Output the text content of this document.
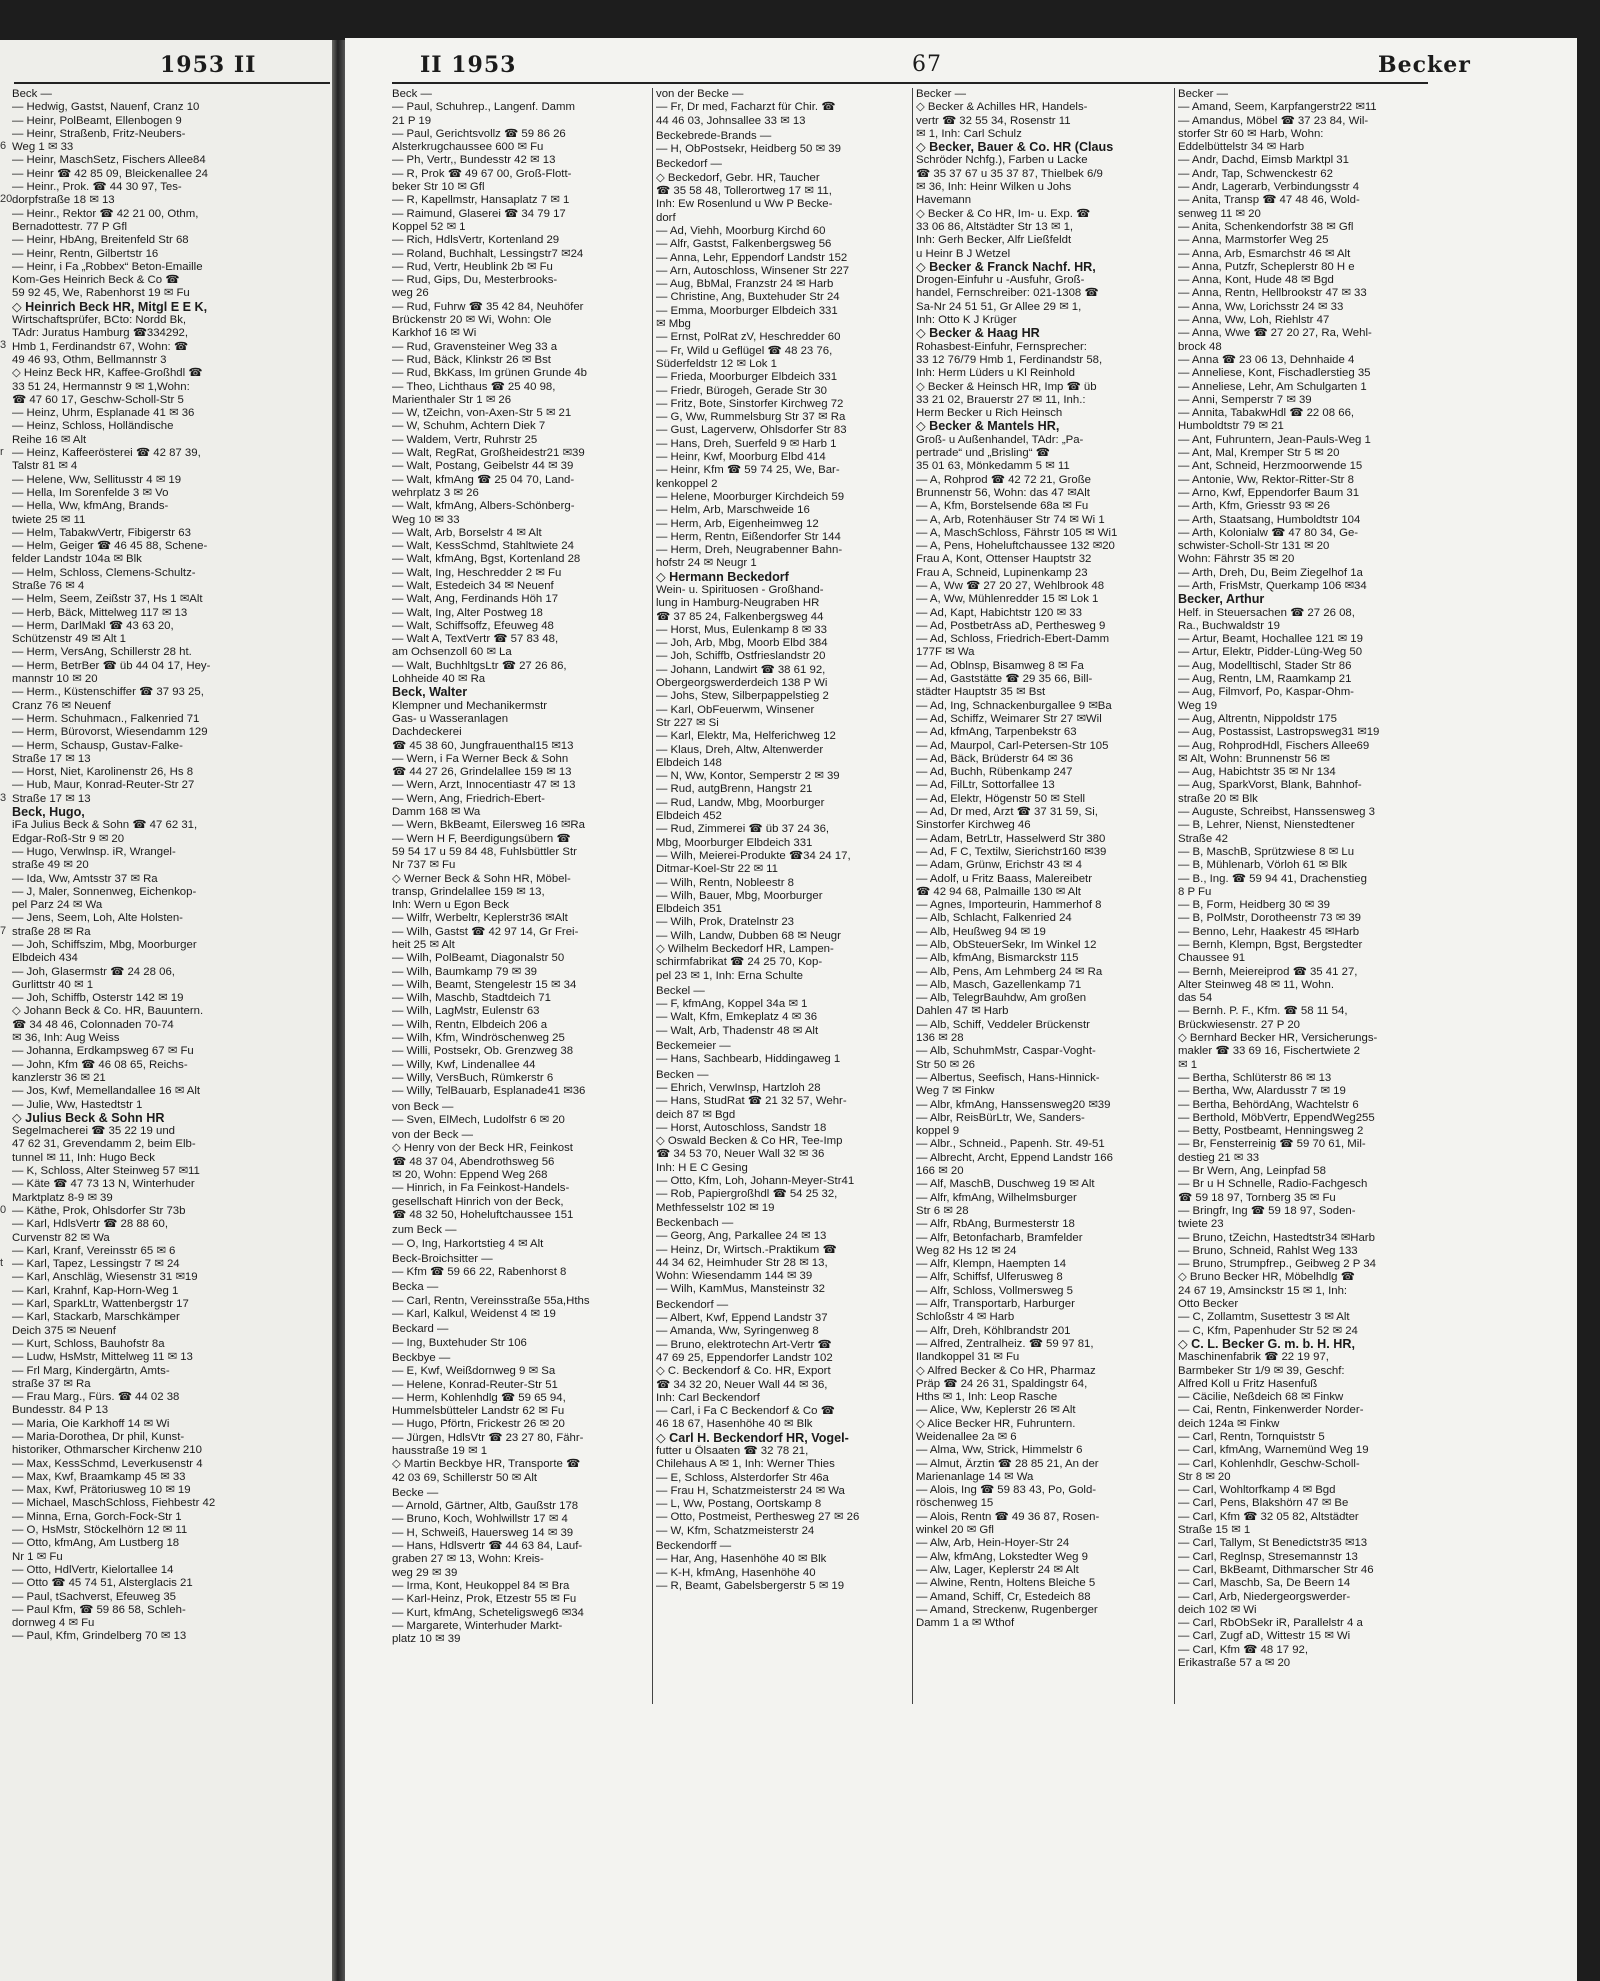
1953 II	II 1953	67	Becker
6

20

3

r

3

7

0

t

Beck —
— Hedwig, Gastst, Nauenf, Cranz 10
— Heinr, PolBeamt, Ellenbogen 9
— Heinr, Straßenb, Fritz-Neubers-
Weg 1 ✉ 33
— Heinr, MaschSetz, Fischers Allee84
— Heinr ☎ 42 85 09, Bleickenallee 24
— Heinr., Prok. ☎ 44 30 97, Tes-
dorpfstraße 18 ✉ 13
— Heinr., Rektor ☎ 42 21 00, Othm,
Bernadottestr. 77 P Gfl
— Heinr, HbAng, Breitenfeld Str 68
— Heinr, Rentn, Gilbertstr 16
— Heinr, i Fa „Robbex“ Beton-Emaille
Kom-Ges Heinrich Beck & Co ☎
59 92 45, We, Rabenhorst 19 ✉ Fu
◇ Heinrich Beck HR, Mitgl E E K,
Wirtschaftsprüfer, BCto: Nordd Bk,
TAdr: Juratus Hamburg ☎334292,
Hmb 1, Ferdinandstr 67, Wohn: ☎
49 46 93, Othm, Bellmannstr 3
◇ Heinz Beck HR, Kaffee-Großhdl ☎
33 51 24, Hermannstr 9 ✉ 1,Wohn:
☎ 47 60 17, Geschw-Scholl-Str 5
— Heinz, Uhrm, Esplanade 41 ✉ 36
— Heinz, Schloss, Holländische
Reihe 16 ✉ Alt
— Heinz, Kaffeerösterei ☎ 42 87 39,
Talstr 81 ✉ 4
— Helene, Ww, Sellitusstr 4 ✉ 19
— Hella, Im Sorenfelde 3 ✉ Vo
— Hella, Ww, kfmAng, Brands-
twiete 25 ✉ 11
— Helm, TabakwVertr, Fibigerstr 63
— Helm, Geiger ☎ 46 45 88, Schene-
felder Landstr 104a ✉ Blk
— Helm, Schloss, Clemens-Schultz-
Straße 76 ✉ 4
— Helm, Seem, Zeißstr 37, Hs 1 ✉Alt
— Herb, Bäck, Mittelweg 117 ✉ 13
— Herm, DarlMakl ☎ 43 63 20,
Schützenstr 49 ✉ Alt 1
— Herm, VersAng, Schillerstr 28 ht.
— Herm, BetrBer ☎ üb 44 04 17, Hey-
mannstr 10 ✉ 20
— Herm., Küstenschiffer ☎ 37 93 25,
Cranz 76 ✉ Neuenf
— Herm. Schuhmacn., Falkenried 71
— Herm, Bürovorst, Wiesendamm 129
— Herm, Schausp, Gustav-Falke-
Straße 17 ✉ 13
— Horst, Niet, Karolinenstr 26, Hs 8
— Hub, Maur, Konrad-Reuter-Str 27
Straße 17 ✉ 13
Beck, Hugo,
iFa Julius Beck & Sohn ☎ 47 62 31,
Edgar-Roß-Str 9 ✉ 20
— Hugo, Verwlnsp. iR, Wrangel-
straße 49 ✉ 20
— Ida, Ww, Amtsstr 37 ✉ Ra
— J, Maler, Sonnenweg, Eichenkop-
pel Parz 24 ✉ Wa
— Jens, Seem, Loh, Alte Holsten-
straße 28 ✉ Ra
— Joh, Schiffszim, Mbg, Moorburger
Elbdeich 434
— Joh, Glasermstr ☎ 24 28 06,
Gurlittstr 40 ✉ 1
— Joh, Schiffb, Osterstr 142 ✉ 19
◇ Johann Beck & Co. HR, Bauuntern.
☎ 34 48 46, Colonnaden 70-74
✉ 36, Inh: Aug Weiss
— Johanna, Erdkampsweg 67 ✉ Fu
— John, Kfm ☎ 46 08 65, Reichs-
kanzlerstr 36 ✉ 21
— Jos, Kwf, Memellandallee 16 ✉ Alt
— Julie, Ww, Hastedtstr 1
◇ Julius Beck & Sohn HR
Segelmacherei ☎ 35 22 19 und
47 62 31, Grevendamm 2, beim Elb-
tunnel ✉ 11, Inh: Hugo Beck
— K, Schloss, Alter Steinweg 57 ✉11
— Käte ☎ 47 73 13 N, Winterhuder
Marktplatz 8-9 ✉ 39
— Käthe, Prok, Ohlsdorfer Str 73b
— Karl, HdlsVertr ☎ 28 88 60,
Curvenstr 82 ✉ Wa
— Karl, Kranf, Vereinsstr 65 ✉ 6
— Karl, Tapez, Lessingstr 7 ✉ 24
— Karl, Anschläg, Wiesenstr 31 ✉19
— Karl, Krahnf, Kap-Horn-Weg 1
— Karl, SparkLtr, Wattenbergstr 17
— Karl, Stackarb, Marschkämper
Deich 375 ✉ Neuenf
— Kurt, Schloss, Bauhofstr 8a
— Ludw, HsMstr, Mittelweg 11 ✉ 13
— Frl Marg, Kindergärtn, Amts-
straße 37 ✉ Ra
— Frau Marg., Fürs. ☎ 44 02 38
Bundesstr. 84 P 13
— Maria, Oie Karkhoff 14 ✉ Wi
— Maria-Dorothea, Dr phil, Kunst-
historiker, Othmarscher Kirchenw 210
— Max, KessSchmd, Leverkusenstr 4
— Max, Kwf, Braamkamp 45 ✉ 33
— Max, Kwf, Prätoriusweg 10 ✉ 19
— Michael, MaschSchloss, Fiehbestr 42
— Minna, Erna, Gorch-Fock-Str 1
— O, HsMstr, Stöckelhörn 12 ✉ 11
— Otto, kfmAng, Am Lustberg 18
Nr 1 ✉ Fu
— Otto, HdlVertr, Kielortallee 14
— Otto ☎ 45 74 51, Alsterglacis 21
— Paul, tSachverst, Efeuweg 35
— Paul Kfm, ☎ 59 86 58, Schleh-
dornweg 4 ✉ Fu
— Paul, Kfm, Grindelberg 70 ✉ 13
Beck —
— Paul, Schuhrep., Langenf. Damm
21 P 19
— Paul, Gerichtsvollz ☎ 59 86 26
Alsterkrugchaussee 600 ✉ Fu
— Ph, Vertr,, Bundesstr 42 ✉ 13
— R, Prok ☎ 49 67 00, Groß-Flott-
beker Str 10 ✉ Gfl
— R, Kapellmstr, Hansaplatz 7 ✉ 1
— Raimund, Glaserei ☎ 34 79 17
Koppel 52 ✉ 1
— Rich, HdlsVertr, Kortenland 29
— Roland, Buchhalt, Lessingstr7 ✉24
— Rud, Vertr, Heublink 2b ✉ Fu
— Rud, Gips, Du, Mesterbrooks-
weg 26
— Rud, Fuhrw ☎ 35 42 84, Neuhöfer
Brückenstr 20 ✉ Wi, Wohn: Ole
Karkhof 16 ✉ Wi
— Rud, Gravensteiner Weg 33 a
— Rud, Bäck, Klinkstr 26 ✉ Bst
— Rud, BkKass, Im grünen Grunde 4b
— Theo, Lichthaus ☎ 25 40 98,
Marienthaler Str 1 ✉ 26
— W, tZeichn, von-Axen-Str 5 ✉ 21
— W, Schuhm, Achtern Diek 7
— Waldem, Vertr, Ruhrstr 25
— Walt, RegRat, Großheidestr21 ✉39
— Walt, Postang, Geibelstr 44 ✉ 39
— Walt, kfmAng ☎ 25 04 70, Land-
wehrplatz 3 ✉ 26
— Walt, kfmAng, Albers-Schönberg-
Weg 10 ✉ 33
— Walt, Arb, Borselstr 4 ✉ Alt
— Walt, KessSchmd, Stahltwiete 24
— Walt, kfmAng, Bgst, Kortenland 28
— Walt, Ing, Heschredder 2 ✉ Fu
— Walt, Estedeich 34 ✉ Neuenf
— Walt, Ang, Ferdinands Höh 17
— Walt, Ing, Alter Postweg 18
— Walt, Schiffsoffz, Efeuweg 48
— Walt A, TextVertr ☎ 57 83 48,
am Ochsenzoll 60 ✉ La
— Walt, BuchhltgsLtr ☎ 27 26 86,
Lohheide 40 ✉ Ra
Beck, Walter
Klempner und Mechanikermstr
Gas- u Wasseranlagen
Dachdeckerei
☎ 45 38 60, Jungfrauenthal15 ✉13
— Wern, i Fa Werner Beck & Sohn
☎ 44 27 26, Grindelallee 159 ✉ 13
— Wern, Arzt, Innocentiastr 47 ✉ 13
— Wern, Ang, Friedrich-Ebert-
Damm 168 ✉ Wa
— Wern, BkBeamt, Eilersweg 16 ✉Ra
— Wern H F, Beerdigungsübern ☎
59 54 17 u 59 84 48, Fuhlsbüttler Str
Nr 737 ✉ Fu
◇ Werner Beck & Sohn HR, Möbel-
transp, Grindelallee 159 ✉ 13,
Inh: Wern u Egon Beck
— Wilfr, Werbeltr, Keplerstr36 ✉Alt
— Wilh, Gastst ☎ 42 97 14, Gr Frei-
heit 25 ✉ Alt
— Wilh, PolBeamt, Diagonalstr 50
— Wilh, Baumkamp 79 ✉ 39
— Wilh, Beamt, Stengelestr 15 ✉ 34
— Wilh, Maschb, Stadtdeich 71
— Wilh, LagMstr, Eulenstr 63
— Wilh, Rentn, Elbdeich 206 a
— Wilh, Kfm, Windröschenweg 25
— Willi, Postsekr, Ob. Grenzweg 38
— Willy, Kwf, Lindenallee 44
— Willy, VersBuch, Rümkerstr 6
— Willy, TelBauarb, Esplanade41 ✉36
von Beck —
— Sven, ElMech, Ludolfstr 6 ✉ 20
von der Beck —
◇ Henry von der Beck HR, Feinkost
☎ 48 37 04, Abendrothsweg 56
✉ 20, Wohn: Eppend Weg 268
— Hinrich, in Fa Feinkost-Handels-
gesellschaft Hinrich von der Beck,
☎ 48 32 50, Hoheluftchaussee 151
zum Beck —
— O, Ing, Harkortstieg 4 ✉ Alt
Beck-Broichsitter —
— Kfm ☎ 59 66 22, Rabenhorst 8
Becka —
— Carl, Rentn, Vereinsstraße 55a,Hths
— Karl, Kalkul, Weidenst 4 ✉ 19
Beckard —
— Ing, Buxtehuder Str 106
Beckbye —
— E, Kwf, Weißdornweg 9 ✉ Sa
— Helene, Konrad-Reuter-Str 51
— Herm, Kohlenhdlg ☎ 59 65 94,
Hummelsbütteler Landstr 62 ✉ Fu
— Hugo, Pförtn, Frickestr 26 ✉ 20
— Jürgen, HdlsVtr ☎ 23 27 80, Fähr-
hausstraße 19 ✉ 1
◇ Martin Beckbye HR, Transporte ☎
42 03 69, Schillerstr 50 ✉ Alt
Becke —
— Arnold, Gärtner, Altb, Gaußstr 178
— Bruno, Koch, Wohlwillstr 17 ✉ 4
— H, Schweiß, Hauersweg 14 ✉ 39
— Hans, Hdlsvertr ☎ 44 63 84, Lauf-
graben 27 ✉ 13, Wohn: Kreis-
weg 29 ✉ 39
— Irma, Kont, Heukoppel 84 ✉ Bra
— Karl-Heinz, Prok, Etzestr 55 ✉ Fu
— Kurt, kfmAng, Scheteligsweg6 ✉34
— Margarete, Winterhuder Markt-
platz 10 ✉ 39
von der Becke —
— Fr, Dr med, Facharzt für Chir. ☎
44 46 03, Johnsallee 33 ✉ 13
Beckebrede-Brands —
— H, ObPostsekr, Heidberg 50 ✉ 39
Beckedorf —
◇ Beckedorf, Gebr. HR, Taucher
☎ 35 58 48, Tollerortweg 17 ✉ 11,
Inh: Ew Rosenlund u Ww P Becke-
dorf
— Ad, Viehh, Moorburg Kirchd 60
— Alfr, Gastst, Falkenbergsweg 56
— Anna, Lehr, Eppendorf Landstr 152
— Arn, Autoschloss, Winsener Str 227
— Aug, BbMal, Franzstr 24 ✉ Harb
— Christine, Ang, Buxtehuder Str 24
— Emma, Moorburger Elbdeich 331
✉ Mbg
— Ernst, PolRat zV, Heschredder 60
— Fr, Wild u Geflügel ☎ 48 23 76,
Süderfeldstr 12 ✉ Lok 1
— Frieda, Moorburger Elbdeich 331
— Friedr, Bürogeh, Gerade Str 30
— Fritz, Bote, Sinstorfer Kirchweg 72
— G, Ww, Rummelsburg Str 37 ✉ Ra
— Gust, Lagerverw, Ohlsdorfer Str 83
— Hans, Dreh, Suerfeld 9 ✉ Harb 1
— Heinr, Kwf, Moorburg Elbd 414
— Heinr, Kfm ☎ 59 74 25, We, Bar-
kenkoppel 2
— Helene, Moorburger Kirchdeich 59
— Helm, Arb, Marschweide 16
— Herm, Arb, Eigenheimweg 12
— Herm, Rentn, Eißendorfer Str 144
— Herm, Dreh, Neugrabenner Bahn-
hofstr 24 ✉ Neugr 1
◇ Hermann Beckedorf
Wein- u. Spirituosen - Großhand-
lung in Hamburg-Neugraben HR
☎ 37 85 24, Falkenbergsweg 44
— Horst, Mus, Eulenkamp 8 ✉ 33
— Joh, Arb, Mbg, Moorb Elbd 384
— Joh, Schiffb, Ostfrieslandstr 20
— Johann, Landwirt ☎ 38 61 92,
Obergeorgswerderdeich 138 P Wi
— Johs, Stew, Silberpappelstieg 2
— Karl, ObFeuerwm, Winsener
Str 227 ✉ Si
— Karl, Elektr, Ma, Helferichweg 12
— Klaus, Dreh, Altw, Altenwerder
Elbdeich 148
— N, Ww, Kontor, Semperstr 2 ✉ 39
— Rud, autgBrenn, Hangstr 21
— Rud, Landw, Mbg, Moorburger
Elbdeich 452
— Rud, Zimmerei ☎ üb 37 24 36,
Mbg, Moorburger Elbdeich 331
— Wilh, Meierei-Produkte ☎34 24 17,
Ditmar-Koel-Str 22 ✉ 11
— Wilh, Rentn, Nobleestr 8
— Wilh, Bauer, Mbg, Moorburger
Elbdeich 351
— Wilh, Prok, Dratelnstr 23
— Wilh, Landw, Dubben 68 ✉ Neugr
◇ Wilhelm Beckedorf HR, Lampen-
schirmfabrikat ☎ 24 25 70, Kop-
pel 23 ✉ 1, Inh: Erna Schulte
Beckel —
— F, kfmAng, Koppel 34a ✉ 1
— Walt, Kfm, Emkeplatz 4 ✉ 36
— Walt, Arb, Thadenstr 48 ✉ Alt
Beckemeier —
— Hans, Sachbearb, Hiddingaweg 1
Becken —
— Ehrich, VerwInsp, Hartzloh 28
— Hans, StudRat ☎ 21 32 57, Wehr-
deich 87 ✉ Bgd
— Horst, Autoschloss, Sandstr 18
◇ Oswald Becken & Co HR, Tee-Imp
☎ 34 53 70, Neuer Wall 32 ✉ 36
Inh: H E C Gesing
— Otto, Kfm, Loh, Johann-Meyer-Str41
— Rob, Papiergroßhdl ☎ 54 25 32,
Methfesselstr 102 ✉ 19
Beckenbach —
— Georg, Ang, Parkallee 24 ✉ 13
— Heinz, Dr, Wirtsch.-Praktikum ☎
44 34 62, Heimhuder Str 28 ✉ 13,
Wohn: Wiesendamm 144 ✉ 39
— Wilh, KamMus, Mansteinstr 32
Beckendorf —
— Albert, Kwf, Eppend Landstr 37
— Amanda, Ww, Syringenweg 8
— Bruno, elektrotechn Art-Vertr ☎
47 69 25, Eppendorfer Landstr 102
◇ C. Beckendorf & Co. HR, Export
☎ 34 32 20, Neuer Wall 44 ✉ 36,
Inh: Carl Beckendorf
— Carl, i Fa C Beckendorf & Co ☎
46 18 67, Hasenhöhe 40 ✉ Blk
◇ Carl H. Beckendorf HR, Vogel-
futter u Ölsaaten ☎ 32 78 21,
Chilehaus A ✉ 1, Inh: Werner Thies
— E, Schloss, Alsterdorfer Str 46a
— Frau H, Schatzmeisterstr 24 ✉ Wa
— L, Ww, Postang, Oortskamp 8
— Otto, Postmeist, Perthesweg 27 ✉ 26
— W, Kfm, Schatzmeisterstr 24
Beckendorff —
— Har, Ang, Hasenhöhe 40 ✉ Blk
— K-H, kfmAng, Hasenhöhe 40
— R, Beamt, Gabelsbergerstr 5 ✉ 19
Becker —
◇ Becker & Achilles HR, Handels-
vertr ☎ 32 55 34, Rosenstr 11
✉ 1, Inh: Carl Schulz
◇ Becker, Bauer & Co. HR (Claus
Schröder Nchfg.), Farben u Lacke
☎ 35 37 67 u 35 37 87, Thielbek 6/9
✉ 36, Inh: Heinr Wilken u Johs
Havemann
◇ Becker & Co HR, Im- u. Exp. ☎
33 06 86, Altstädter Str 13 ✉ 1,
Inh: Gerh Becker, Alfr Ließfeldt
u Heinr B J Wetzel
◇ Becker & Franck Nachf. HR,
Drogen-Einfuhr u -Ausfuhr, Groß-
handel, Fernschreiber: 021-1308 ☎
Sa-Nr 24 51 51, Gr Allee 29 ✉ 1,
Inh: Otto K J Krüger
◇ Becker & Haag HR
Rohasbest-Einfuhr, Fernsprecher:
33 12 76/79 Hmb 1, Ferdinandstr 58,
Inh: Herm Lüders u Kl Reinhold
◇ Becker & Heinsch HR, Imp ☎ üb
33 21 02, Brauerstr 27 ✉ 11, Inh.:
Herm Becker u Rich Heinsch
◇ Becker & Mantels HR,
Groß- u Außenhandel, TAdr: „Pa-
pertrade“ und „Brisling“ ☎
35 01 63, Mönkedamm 5 ✉ 11
— A, Rohprod ☎ 42 72 21, Große
Brunnenstr 56, Wohn: das 47 ✉Alt
— A, Kfm, Borstelsende 68a ✉ Fu
— A, Arb, Rotenhäuser Str 74 ✉ Wi 1
— A, MaschSchloss, Fährstr 105 ✉ Wi1
— A, Pens, Hoheluftchaussee 132 ✉20
Frau A, Kont, Ottenser Hauptstr 32
Frau A, Schneid, Lupinenkamp 23
— A, Ww ☎ 27 20 27, Wehlbrook 48
— A, Ww, Mühlenredder 15 ✉ Lok 1
— Ad, Kapt, Habichtstr 120 ✉ 33
— Ad, PostbetrAss aD, Perthesweg 9
— Ad, Schloss, Friedrich-Ebert-Damm
177F ✉ Wa
— Ad, Oblnsp, Bisamweg 8 ✉ Fa
— Ad, Gaststätte ☎ 29 35 66, Bill-
städter Hauptstr 35 ✉ Bst
— Ad, Ing, Schnackenburgallee 9 ✉Ba
— Ad, Schiffz, Weimarer Str 27 ✉Wil
— Ad, kfmAng, Tarpenbekstr 63
— Ad, Maurpol, Carl-Petersen-Str 105
— Ad, Bäck, Brüderstr 64 ✉ 36
— Ad, Buchh, Rübenkamp 247
— Ad, FilLtr, Sottorfallee 13
— Ad, Elektr, Högenstr 50 ✉ Stell
— Ad, Dr med, Arzt ☎ 37 31 59, Si,
Sinstorfer Kirchweg 46
— Adam, BetrLtr, Hasselwerd Str 380
— Ad, F C, Textilw, Sierichstr160 ✉39
— Adam, Grünw, Erichstr 43 ✉ 4
— Adolf, u Fritz Baass, Malereibetr
☎ 42 94 68, Palmaille 130 ✉ Alt
— Agnes, Importeurin, Hammerhof 8
— Alb, Schlacht, Falkenried 24
— Alb, Heußweg 94 ✉ 19
— Alb, ObSteuerSekr, Im Winkel 12
— Alb, kfmAng, Bismarckstr 115
— Alb, Pens, Am Lehmberg 24 ✉ Ra
— Alb, Masch, Gazellenkamp 71
— Alb, TelegrBauhdw, Am großen
Dahlen 47 ✉ Harb
— Alb, Schiff, Veddeler Brückenstr
136 ✉ 28
— Alb, SchuhmMstr, Caspar-Voght-
Str 50 ✉ 26
— Albertus, Seefisch, Hans-Hinnick-
Weg 7 ✉ Finkw
— Albr, kfmAng, Hanssensweg20 ✉39
— Albr, ReisBürLtr, We, Sanders-
koppel 9
— Albr., Schneid., Papenh. Str. 49-51
— Albrecht, Archt, Eppend Landstr 166
166 ✉ 20
— Alf, MaschB, Duschweg 19 ✉ Alt
— Alfr, kfmAng, Wilhelmsburger
Str 6 ✉ 28
— Alfr, RbAng, Burmesterstr 18
— Alfr, Betonfacharb, Bramfelder
Weg 82 Hs 12 ✉ 24
— Alfr, Klempn, Haempten 14
— Alfr, Schiffsf, Ulferusweg 8
— Alfr, Schloss, Vollmersweg 5
— Alfr, Transportarb, Harburger
Schloßstr 4 ✉ Harb
— Alfr, Dreh, Köhlbrandstr 201
— Alfred, Zentralheiz. ☎ 59 97 81,
Ilandkoppel 31 ✉ Fu
◇ Alfred Becker & Co HR, Pharmaz
Präp ☎ 24 26 31, Spaldingstr 64,
Hths ✉ 1, Inh: Leop Rasche
— Alice, Ww, Keplerstr 26 ✉ Alt
◇ Alice Becker HR, Fuhruntern.
Weidenallee 2a ✉ 6
— Alma, Ww, Strick, Himmelstr 6
— Almut, Ärztin ☎ 28 85 21, An der
Marienanlage 14 ✉ Wa
— Alois, Ing ☎ 59 83 43, Po, Gold-
röschenweg 15
— Alois, Rentn ☎ 49 36 87, Rosen-
winkel 20 ✉ Gfl
— Alw, Arb, Hein-Hoyer-Str 24
— Alw, kfmAng, Lokstedter Weg 9
— Alw, Lager, Keplerstr 24 ✉ Alt
— Alwine, Rentn, Holtens Bleiche 5
— Amand, Schiff, Cr, Estedeich 88
— Amand, Streckenw, Rugenberger
Damm 1 a ✉ Wthof
Becker —
— Amand, Seem, Karpfangerstr22 ✉11
— Amandus, Möbel ☎ 37 23 84, Wil-
storfer Str 60 ✉ Harb, Wohn:
Eddelbüttelstr 34 ✉ Harb
— Andr, Dachd, Eimsb Marktpl 31
— Andr, Tap, Schwenckestr 62
— Andr, Lagerarb, Verbindungsstr 4
— Anita, Transp ☎ 47 48 46, Wold-
senweg 11 ✉ 20
— Anita, Schenkendorfstr 38 ✉ Gfl
— Anna, Marmstorfer Weg 25
— Anna, Arb, Esmarchstr 46 ✉ Alt
— Anna, Putzfr, Scheplerstr 80 H e
— Anna, Kont, Hude 48 ✉ Bgd
— Anna, Rentn, Hellbrookstr 47 ✉ 33
— Anna, Ww, Lorichsstr 24 ✉ 33
— Anna, Ww, Loh, Riehlstr 47
— Anna, Wwe ☎ 27 20 27, Ra, Wehl-
brock 48
— Anna ☎ 23 06 13, Dehnhaide 4
— Anneliese, Kont, Fischadlerstieg 35
— Anneliese, Lehr, Am Schulgarten 1
— Anni, Semperstr 7 ✉ 39
— Annita, TabakwHdl ☎ 22 08 66,
Humboldtstr 79 ✉ 21
— Ant, Fuhruntern, Jean-Pauls-Weg 1
— Ant, Mal, Kremper Str 5 ✉ 20
— Ant, Schneid, Herzmoorwende 15
— Antonie, Ww, Rektor-Ritter-Str 8
— Arno, Kwf, Eppendorfer Baum 31
— Arth, Kfm, Griesstr 93 ✉ 26
— Arth, Staatsang, Humboldtstr 104
— Arth, Kolonialw ☎ 47 80 34, Ge-
schwister-Scholl-Str 131 ✉ 20
Wohn: Fährstr 35 ✉ 20
— Arth, Dreh, Du, Beim Ziegelhof 1a
— Arth, FrisMstr, Querkamp 106 ✉34
Becker, Arthur
Helf. in Steuersachen ☎ 27 26 08,
Ra., Buchwaldstr 19
— Artur, Beamt, Hochallee 121 ✉ 19
— Artur, Elektr, Pidder-Lüng-Weg 50
— Aug, Modelltischl, Stader Str 86
— Aug, Rentn, LM, Raamkamp 21
— Aug, Filmvorf, Po, Kaspar-Ohm-
Weg 19
— Aug, Altrentn, Nippoldstr 175
— Aug, Postassist, Lastropsweg31 ✉19
— Aug, RohprodHdl, Fischers Allee69
✉ Alt, Wohn: Brunnenstr 56 ✉
— Aug, Habichtstr 35 ✉ Nr 134
— Aug, SparkVorst, Blank, Bahnhof-
straße 20 ✉ Blk
— Auguste, Schreibst, Hanssensweg 3
— B, Lehrer, Nienst, Nienstedtener
Straße 42
— B, MaschB, Sprützwiese 8 ✉ Lu
— B, Mühlenarb, Vörloh 61 ✉ Blk
— B., Ing. ☎ 59 94 41, Drachenstieg
8 P Fu
— B, Form, Heidberg 30 ✉ 39
— B, PolMstr, Dorotheenstr 73 ✉ 39
— Benno, Lehr, Haakestr 45 ✉Harb
— Bernh, Klempn, Bgst, Bergstedter
Chaussee 91
— Bernh, Meiereiprod ☎ 35 41 27,
Alter Steinweg 48 ✉ 11, Wohn.
das 54
— Bernh. P. F., Kfm. ☎ 58 11 54,
Brückwiesenstr. 27 P 20
◇ Bernhard Becker HR, Versicherungs-
makler ☎ 33 69 16, Fischertwiete 2
✉ 1
— Bertha, Schlüterstr 86 ✉ 13
— Bertha, Ww, Alardusstr 7 ✉ 19
— Bertha, BehördAng, Wachtelstr 6
— Berthold, MöbVertr, EppendWeg255
— Betty, Postbeamt, Henningsweg 2
— Br, Fensterreinig ☎ 59 70 61, Mil-
destieg 21 ✉ 33
— Br Wern, Ang, Leinpfad 58
— Br u H Schnelle, Radio-Fachgesch
☎ 59 18 97, Tornberg 35 ✉ Fu
— Bringfr, Ing ☎ 59 18 97, Soden-
twiete 23
— Bruno, tZeichn, Hastedtstr34 ✉Harb
— Bruno, Schneid, Rahlst Weg 133
— Bruno, Strumpfrep., Geibweg 2 P 34
◇ Bruno Becker HR, Möbelhdlg ☎
24 67 19, Amsinckstr 15 ✉ 1, Inh:
Otto Becker
— C, Zollamtm, Susettestr 3 ✉ Alt
— C, Kfm, Papenhuder Str 52 ✉ 24
◇ C. L. Becker G. m. b. H. HR,
Maschinenfabrik ☎ 22 19 97,
Barmbeker Str 1/9 ✉ 39, Geschf:
Alfred Koll u Fritz Hasenfuß
— Cäcilie, Neßdeich 68 ✉ Finkw
— Cai, Rentn, Finkenwerder Norder-
deich 124a ✉ Finkw
— Carl, Rentn, Tornquiststr 5
— Carl, kfmAng, Warnemünd Weg 19
— Carl, Kohlenhdlr, Geschw-Scholl-
Str 8 ✉ 20
— Carl, Wohltorfkamp 4 ✉ Bgd
— Carl, Pens, Blakshörn 47 ✉ Be
— Carl, Kfm ☎ 32 05 82, Altstädter
Straße 15 ✉ 1
— Carl, Tallym, St Benedictstr35 ✉13
— Carl, Reglnsp, Stresemannstr 13
— Carl, BkBeamt, Dithmarscher Str 46
— Carl, Maschb, Sa, De Beern 14
— Carl, Arb, Niedergeorgswerder-
deich 102 ✉ Wi
— Carl, RbObSekr iR, Parallelstr 4 a
— Carl, Zugf aD, Wittestr 15 ✉ Wi
— Carl, Kfm ☎ 48 17 92,
Erikastraße 57 a ✉ 20
